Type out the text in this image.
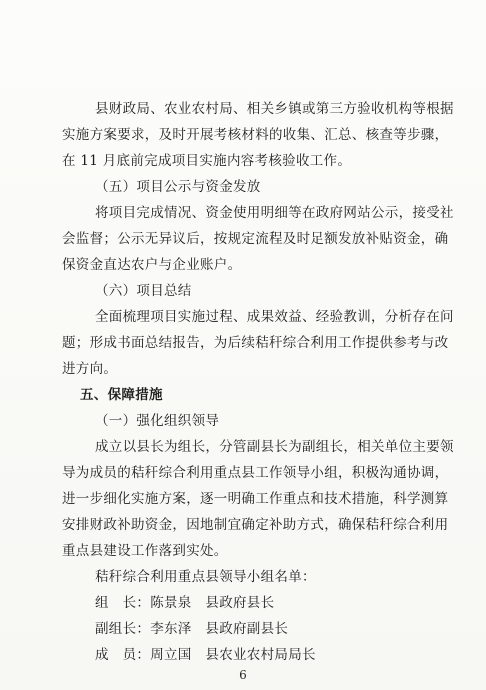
县财政局、农业农村局、相关乡镇或第三方验收机构等根据
实施方案要求，及时开展考核材料的收集、汇总、核查等步骤，
在 11 月底前完成项目实施内容考核验收工作。
（五）项目公示与资金发放
将项目完成情况、资金使用明细等在政府网站公示，接受社
会监督；公示无异议后，按规定流程及时足额发放补贴资金，确
保资金直达农户与企业账户。
（六）项目总结
全面梳理项目实施过程、成果效益、经验教训，分析存在问
题；形成书面总结报告，为后续秸秆综合利用工作提供参考与改
进方向。
五、保障措施
（一）强化组织领导
成立以县长为组长，分管副县长为副组长，相关单位主要领
导为成员的秸秆综合利用重点县工作领导小组，积极沟通协调，
进一步细化实施方案，逐一明确工作重点和技术措施，科学测算
安排财政补助资金，因地制宜确定补助方式，确保秸秆综合利用
重点县建设工作落到实处。
秸秆综合利用重点县领导小组名单：
组　长：陈景泉　县政府县长
副组长：李东泽　县政府副县长
成　员：周立国　县农业农村局局长
6
